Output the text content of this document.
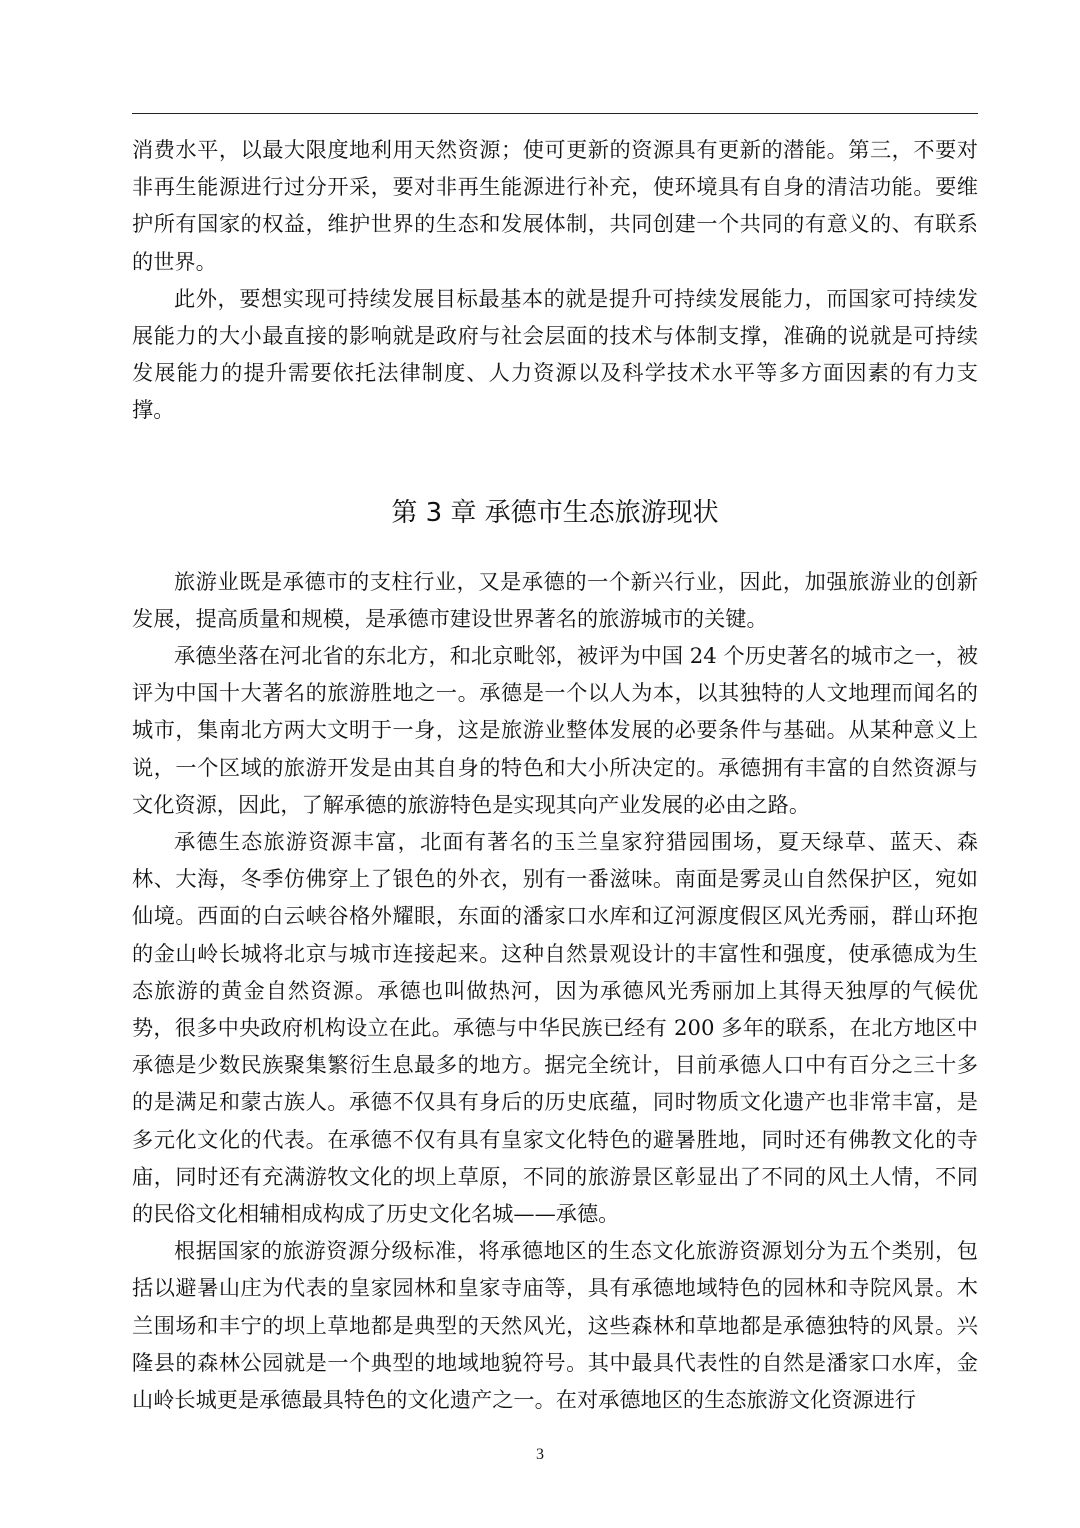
消费水平，以最大限度地利用天然资源；使可更新的资源具有更新的潜能。第三，不要对非再生能源进行过分开采，要对非再生能源进行补充，使环境具有自身的清洁功能。要维护所有国家的权益，维护世界的生态和发展体制，共同创建一个共同的有意义的、有联系的世界。

此外，要想实现可持续发展目标最基本的就是提升可持续发展能力，而国家可持续发展能力的大小最直接的影响就是政府与社会层面的技术与体制支撑，准确的说就是可持续发展能力的提升需要依托法律制度、人力资源以及科学技术水平等多方面因素的有力支撑。

第 3 章 承德市生态旅游现状

旅游业既是承德市的支柱行业，又是承德的一个新兴行业，因此，加强旅游业的创新发展，提高质量和规模，是承德市建设世界著名的旅游城市的关键。

承德坐落在河北省的东北方，和北京毗邻，被评为中国 24 个历史著名的城市之一，被评为中国十大著名的旅游胜地之一。承德是一个以人为本，以其独特的人文地理而闻名的城市，集南北方两大文明于一身，这是旅游业整体发展的必要条件与基础。从某种意义上说，一个区域的旅游开发是由其自身的特色和大小所决定的。承德拥有丰富的自然资源与文化资源，因此，了解承德的旅游特色是实现其向产业发展的必由之路。

承德生态旅游资源丰富，北面有著名的玉兰皇家狩猎园围场，夏天绿草、蓝天、森林、大海，冬季仿佛穿上了银色的外衣，别有一番滋味。南面是雾灵山自然保护区，宛如仙境。西面的白云峡谷格外耀眼，东面的潘家口水库和辽河源度假区风光秀丽，群山环抱的金山岭长城将北京与城市连接起来。这种自然景观设计的丰富性和强度，使承德成为生态旅游的黄金自然资源。承德也叫做热河，因为承德风光秀丽加上其得天独厚的气候优势，很多中央政府机构设立在此。承德与中华民族已经有 200 多年的联系，在北方地区中承德是少数民族聚集繁衍生息最多的地方。据完全统计，目前承德人口中有百分之三十多的是满足和蒙古族人。承德不仅具有身后的历史底蕴，同时物质文化遗产也非常丰富，是多元化文化的代表。在承德不仅有具有皇家文化特色的避暑胜地，同时还有佛教文化的寺庙，同时还有充满游牧文化的坝上草原，不同的旅游景区彰显出了不同的风土人情，不同的民俗文化相辅相成构成了历史文化名城——承德。

根据国家的旅游资源分级标准，将承德地区的生态文化旅游资源划分为五个类别，包括以避暑山庄为代表的皇家园林和皇家寺庙等，具有承德地域特色的园林和寺院风景。木兰围场和丰宁的坝上草地都是典型的天然风光，这些森林和草地都是承德独特的风景。兴隆县的森林公园就是一个典型的地域地貌符号。其中最具代表性的自然是潘家口水库，金山岭长城更是承德最具特色的文化遗产之一。在对承德地区的生态旅游文化资源进行

3
